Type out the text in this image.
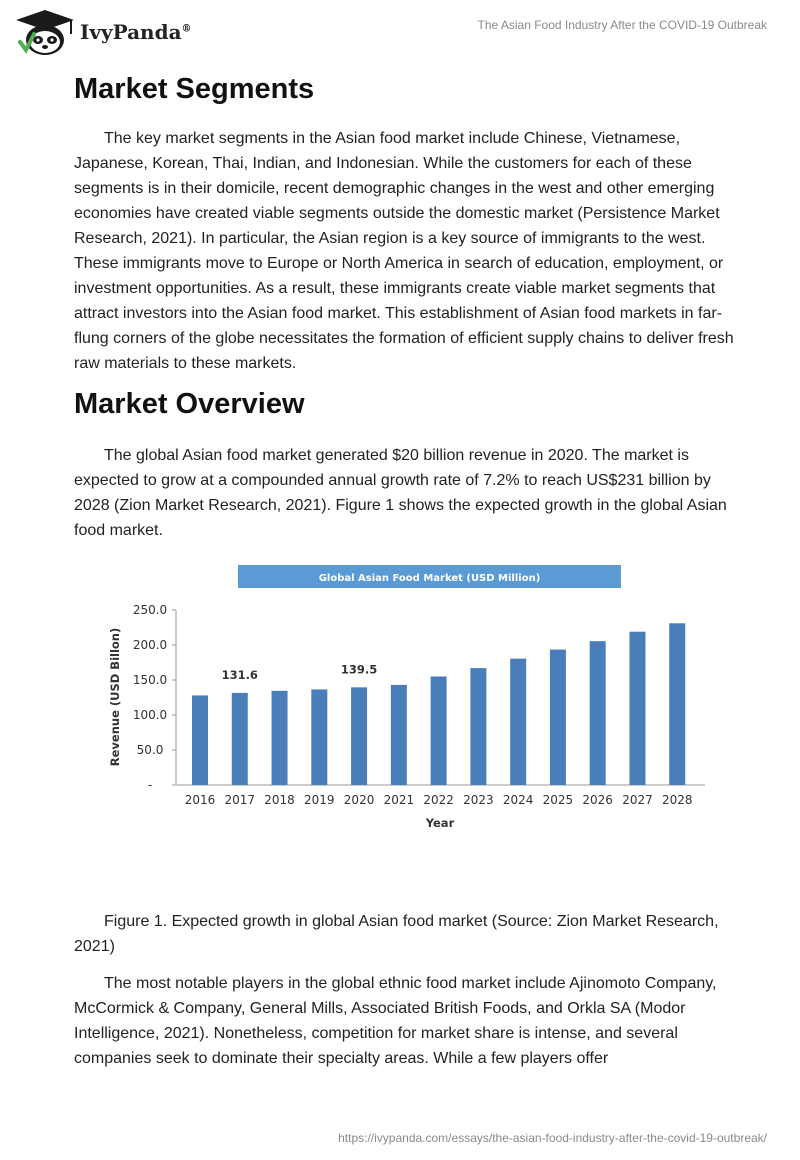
IvyPanda®	The Asian Food Industry After the COVID-19 Outbreak
Market Segments

The key market segments in the Asian food market include Chinese, Vietnamese, Japanese, Korean, Thai, Indian, and Indonesian. While the customers for each of these segments is in their domicile, recent demographic changes in the west and other emerging economies have created viable segments outside the domestic market (Persistence Market Research, 2021). In particular, the Asian region is a key source of immigrants to the west. These immigrants move to Europe or North America in search of education, employment, or investment opportunities. As a result, these immigrants create viable market segments that attract investors into the Asian food market. This establishment of Asian food markets in far-flung corners of the globe necessitates the formation of efficient supply chains to deliver fresh raw materials to these markets.

Market Overview

The global Asian food market generated $20 billion revenue in 2020. The market is expected to grow at a compounded annual growth rate of 7.2% to reach US$231 billion by 2028 (Zion Market Research, 2021). Figure 1 shows the expected growth in the global Asian food market.

Global Asian Food Market (USD Million)
250.0
200.0
150.0
100.0
50.0
-
Revenue (USD Billon)
2016 2017 2018 2019 2020 2021 2022 2023 2024 2025 2026 2027 2028
131.6	139.5
Year

Figure 1. Expected growth in global Asian food market (Source: Zion Market Research, 2021)

The most notable players in the global ethnic food market include Ajinomoto Company, McCormick & Company, General Mills, Associated British Foods, and Orkla SA (Modor Intelligence, 2021). Nonetheless, competition for market share is intense, and several companies seek to dominate their specialty areas. While a few players offer

https://ivypanda.com/essays/the-asian-food-industry-after-the-covid-19-outbreak/
